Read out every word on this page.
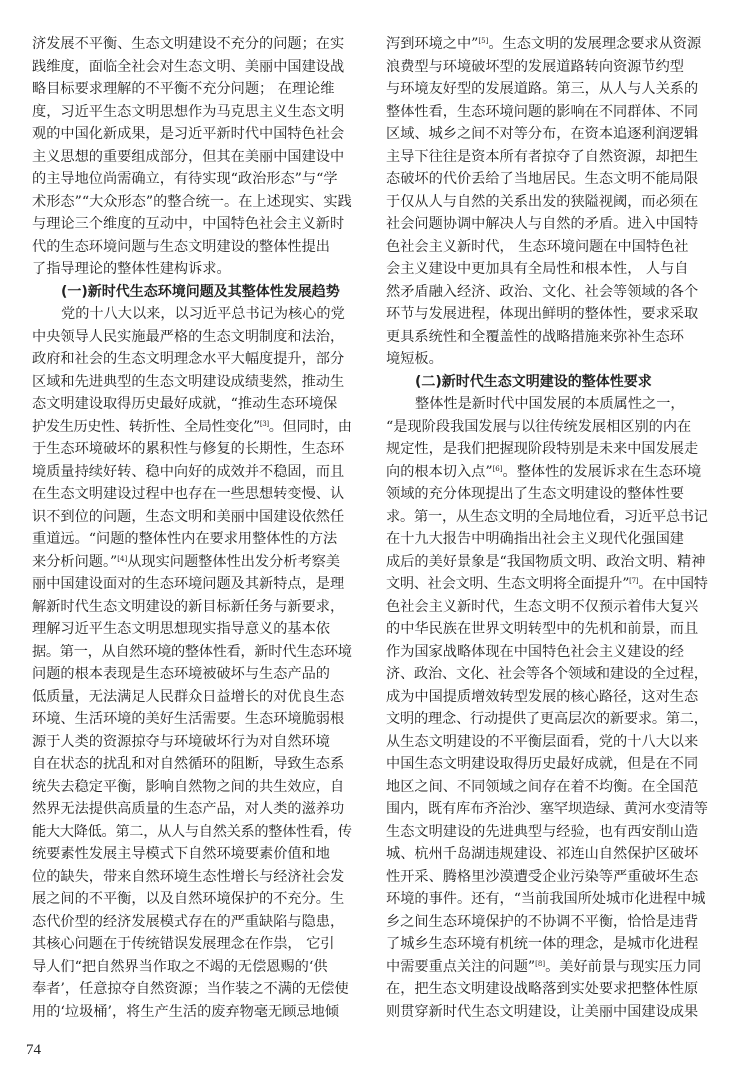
济发展不平衡、生态文明建设不充分的问题；在实
践维度，面临全社会对生态文明、美丽中国建设战
略目标要求理解的不平衡不充分问题； 在理论维
度，习近平生态文明思想作为马克思主义生态文明
观的中国化新成果，是习近平新时代中国特色社会
主义思想的重要组成部分，但其在美丽中国建设中
的主导地位尚需确立，有待实现“政治形态”与“学
术形态”“大众形态”的整合统一。在上述现实、实践
与理论三个维度的互动中，中国特色社会主义新时
代的生态环境问题与生态文明建设的整体性提出
了指导理论的整体性建构诉求。
(一)新时代生态环境问题及其整体性发展趋势
党的十八大以来，以习近平总书记为核心的党
中央领导人民实施最严格的生态文明制度和法治，
政府和社会的生态文明理念水平大幅度提升，部分
区域和先进典型的生态文明建设成绩斐然，推动生
态文明建设取得历史最好成就，“推动生态环境保
护发生历史性、转折性、全局性变化”[3]。但同时，由
于生态环境破坏的累积性与修复的长期性，生态环
境质量持续好转、稳中向好的成效并不稳固，而且
在生态文明建设过程中也存在一些思想转变慢、认
识不到位的问题，生态文明和美丽中国建设依然任
重道远。“问题的整体性内在要求用整体性的方法
来分析问题。”[4]从现实问题整体性出发分析考察美
丽中国建设面对的生态环境问题及其新特点，是理
解新时代生态文明建设的新目标新任务与新要求，
理解习近平生态文明思想现实指导意义的基本依
据。第一，从自然环境的整体性看，新时代生态环境
问题的根本表现是生态环境被破坏与生态产品的
低质量，无法满足人民群众日益增长的对优良生态
环境、生活环境的美好生活需要。生态环境脆弱根
源于人类的资源掠夺与环境破坏行为对自然环境
自在状态的扰乱和对自然循环的阻断，导致生态系
统失去稳定平衡，影响自然物之间的共生效应，自
然界无法提供高质量的生态产品，对人类的滋养功
能大大降低。第二，从人与自然关系的整体性看，传
统要素性发展主导模式下自然环境要素价值和地
位的缺失，带来自然环境生态性增长与经济社会发
展之间的不平衡，以及自然环境保护的不充分。生
态代价型的经济发展模式存在的严重缺陷与隐患，
其核心问题在于传统错误发展理念在作祟， 它引
导人们“把自然界当作取之不竭的无偿恩赐的‘供
奉者’，任意掠夺自然资源；当作装之不满的无偿使
用的‘垃圾桶’，将生产生活的废弃物毫无顾忌地倾
泻到环境之中”[5]。生态文明的发展理念要求从资源
浪费型与环境破坏型的发展道路转向资源节约型
与环境友好型的发展道路。第三，从人与人关系的
整体性看，生态环境问题的影响在不同群体、不同
区域、城乡之间不对等分布，在资本追逐利润逻辑
主导下往往是资本所有者掠夺了自然资源，却把生
态破坏的代价丢给了当地居民。生态文明不能局限
于仅从人与自然的关系出发的狭隘视阈，而必须在
社会问题协调中解决人与自然的矛盾。进入中国特
色社会主义新时代， 生态环境问题在中国特色社
会主义建设中更加具有全局性和根本性， 人与自
然矛盾融入经济、政治、文化、社会等领域的各个
环节与发展进程，体现出鲜明的整体性，要求采取
更具系统性和全覆盖性的战略措施来弥补生态环
境短板。
(二)新时代生态文明建设的整体性要求
整体性是新时代中国发展的本质属性之一，
“是现阶段我国发展与以往传统发展相区别的内在
规定性，是我们把握现阶段特别是未来中国发展走
向的根本切入点”[6]。整体性的发展诉求在生态环境
领域的充分体现提出了生态文明建设的整体性要
求。第一，从生态文明的全局地位看，习近平总书记
在十九大报告中明确指出社会主义现代化强国建
成后的美好景象是“我国物质文明、政治文明、精神
文明、社会文明、生态文明将全面提升”[7]。在中国特
色社会主义新时代，生态文明不仅预示着伟大复兴
的中华民族在世界文明转型中的先机和前景，而且
作为国家战略体现在中国特色社会主义建设的经
济、政治、文化、社会等各个领域和建设的全过程，
成为中国提质增效转型发展的核心路径，这对生态
文明的理念、行动提供了更高层次的新要求。第二，
从生态文明建设的不平衡层面看，党的十八大以来
中国生态文明建设取得历史最好成就，但是在不同
地区之间、不同领域之间存在着不均衡。在全国范
围内，既有库布齐治沙、塞罕坝造绿、黄河水变清等
生态文明建设的先进典型与经验，也有西安削山造
城、杭州千岛湖违规建设、祁连山自然保护区破坏
性开采、腾格里沙漠遭受企业污染等严重破坏生态
环境的事件。还有，“当前我国所处城市化进程中城
乡之间生态环境保护的不协调不平衡，恰恰是违背
了城乡生态环境有机统一体的理念，是城市化进程
中需要重点关注的问题”[8]。美好前景与现实压力同
在，把生态文明建设战略落到实处要求把整体性原
则贯穿新时代生态文明建设，让美丽中国建设成果
74
